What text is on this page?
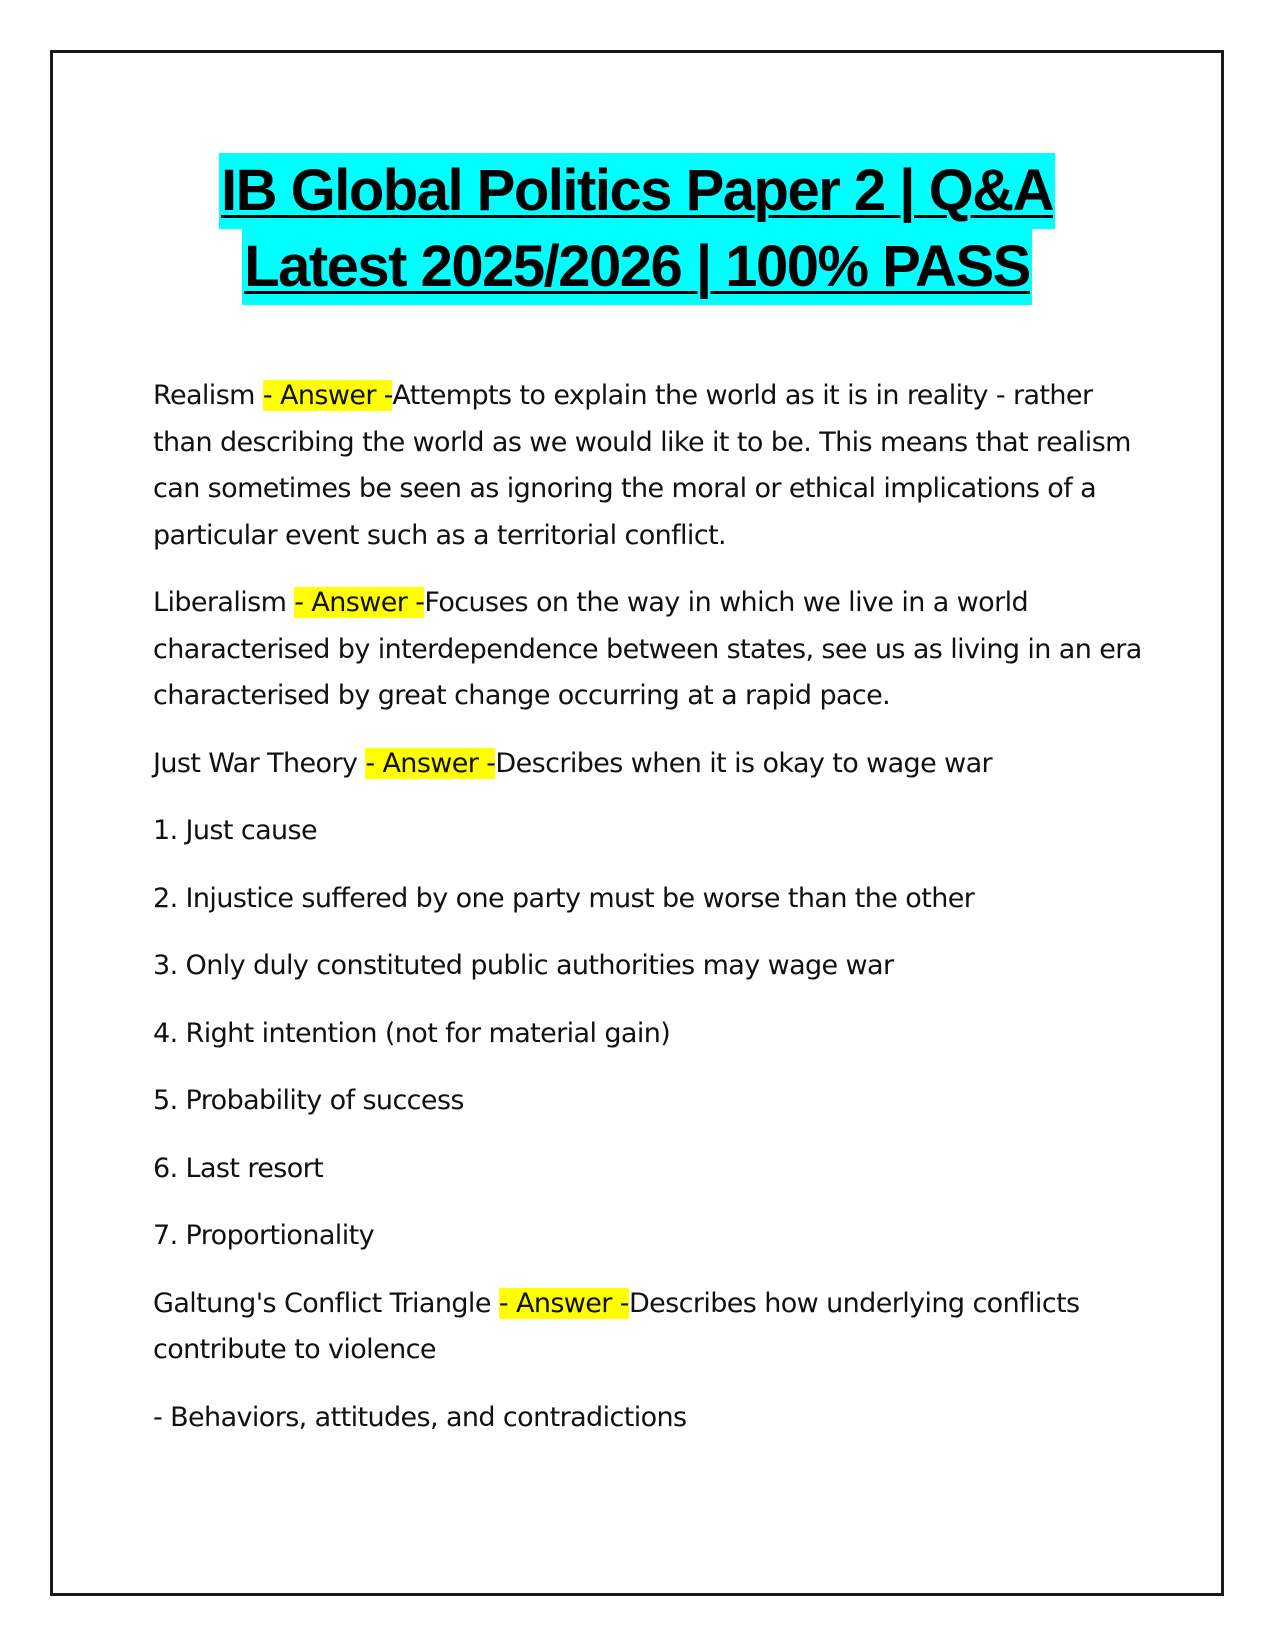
IB Global Politics Paper 2 | Q&A
Latest 2025/2026 | 100% PASS

Realism - Answer -Attempts to explain the world as it is in reality - rather than describing the world as we would like it to be. This means that realism can sometimes be seen as ignoring the moral or ethical implications of a particular event such as a territorial conflict.

Liberalism - Answer -Focuses on the way in which we live in a world characterised by interdependence between states, see us as living in an era characterised by great change occurring at a rapid pace.

Just War Theory - Answer -Describes when it is okay to wage war

1. Just cause

2. Injustice suffered by one party must be worse than the other

3. Only duly constituted public authorities may wage war

4. Right intention (not for material gain)

5. Probability of success

6. Last resort

7. Proportionality

Galtung's Conflict Triangle - Answer -Describes how underlying conflicts contribute to violence

- Behaviors, attitudes, and contradictions
